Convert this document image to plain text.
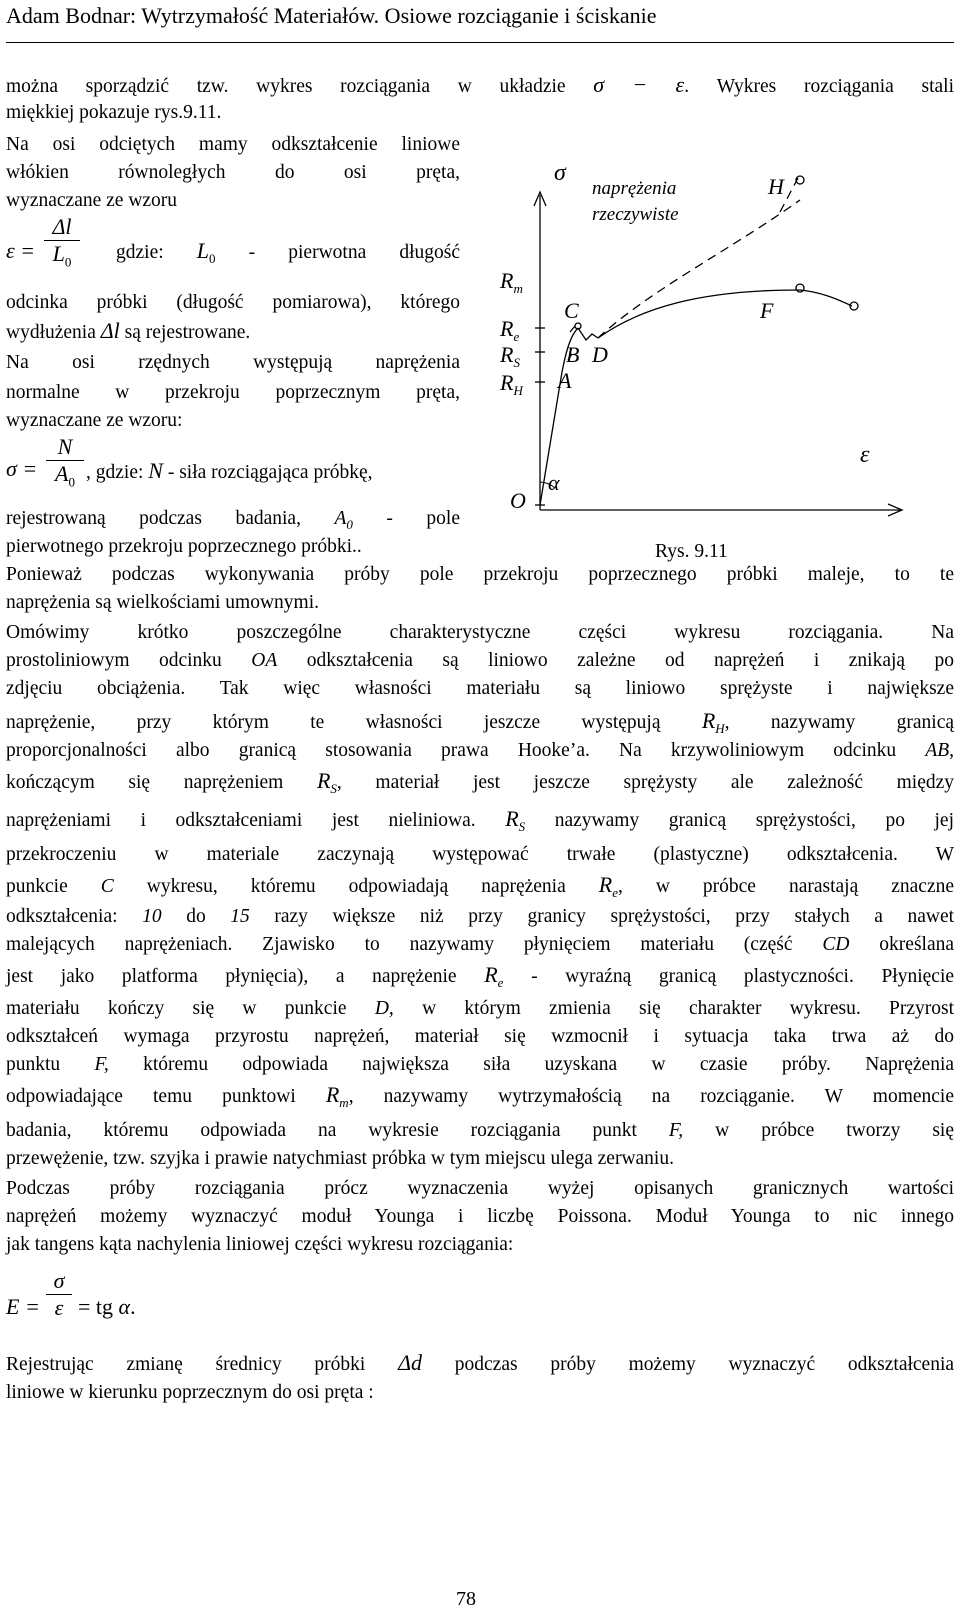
Adam Bodnar: Wytrzymałość Materiałów. Osiowe rozciąganie i ściskanie
można sporządzić tzw. wykres rozciągania w układzie σ − ε. Wykres rozciągania stali
miękkiej pokazuje rys.9.11.
Na osi odciętych mamy odkształcenie liniowe
włókien równoległych do osi pręta,
wyznaczane ze wzoru
$\varepsilon = \frac{\Delta l}{L_0}$ gdzie: $L_0$ - pierwotna długość
odcinka próbki (długość pomiarowa), którego
wydłużenia Δl są rejestrowane.
Na osi rzędnych występują naprężenia
normalne w przekroju poprzecznym pręta,
wyznaczane ze wzoru:
$\sigma = \frac{N}{A_0}$ , gdzie: N - siła rozciągająca próbkę,
rejestrowaną podczas badania, $A_0$ - pole
pierwotnego przekroju poprzecznego próbki..
σ
ε
naprężenia
rzeczywiste
H
F
C
B D
A
O
α
$R_m$
$R_e$
$R_S$
$R_H$
Rys. 9.11
Ponieważ podczas wykonywania próby pole przekroju poprzecznego próbki maleje, to te
naprężenia są wielkościami umownymi.
Omówimy krótko poszczególne charakterystyczne części wykresu rozciągania. Na
prostoliniowym odcinku OA odkształcenia są liniowo zależne od naprężeń i znikają po
zdjęciu obciążenia. Tak więc własności materiału są liniowo sprężyste i największe
naprężenie, przy którym te własności jeszcze występują $R_H$, nazywamy granicą
proporcjonalności albo granicą stosowania prawa Hooke’a. Na krzywoliniowym odcinku AB,
kończącym się naprężeniem $R_S$, materiał jest jeszcze sprężysty ale zależność między
naprężeniami i odkształceniami jest nieliniowa. $R_S$ nazywamy granicą sprężystości, po jej
przekroczeniu w materiale zaczynają występować trwałe (plastyczne) odkształcenia. W
punkcie C wykresu, któremu odpowiadają naprężenia $R_e$, w próbce narastają znaczne
odkształcenia: 10 do 15 razy większe niż przy granicy sprężystości, przy stałych a nawet
malejących naprężeniach. Zjawisko to nazywamy płynięciem materiału (część CD określana
jest jako platforma płynięcia), a naprężenie $R_e$ - wyraźną granicą plastyczności. Płynięcie
materiału kończy się w punkcie D, w którym zmienia się charakter wykresu. Przyrost
odkształceń wymaga przyrostu naprężeń, materiał się wzmocnił i sytuacja taka trwa aż do
punktu F, któremu odpowiada największa siła uzyskana w czasie próby. Naprężenia
odpowiadające temu punktowi $R_m$, nazywamy wytrzymałością na rozciąganie. W momencie
badania, któremu odpowiada na wykresie rozciągania punkt F, w próbce tworzy się
przewężenie, tzw. szyjka i prawie natychmiast próbka w tym miejscu ulega zerwaniu.
Podczas próby rozciągania prócz wyznaczenia wyżej opisanych granicznych wartości
naprężeń możemy wyznaczyć moduł Younga i liczbę Poissona. Moduł Younga to nic innego
jak tangens kąta nachylenia liniowej części wykresu rozciągania:
$E = \frac{\sigma}{\varepsilon}$ = tg α.
Rejestrując zmianę średnicy próbki Δd podczas próby możemy wyznaczyć odkształcenia
liniowe w kierunku poprzecznym do osi pręta :
78
